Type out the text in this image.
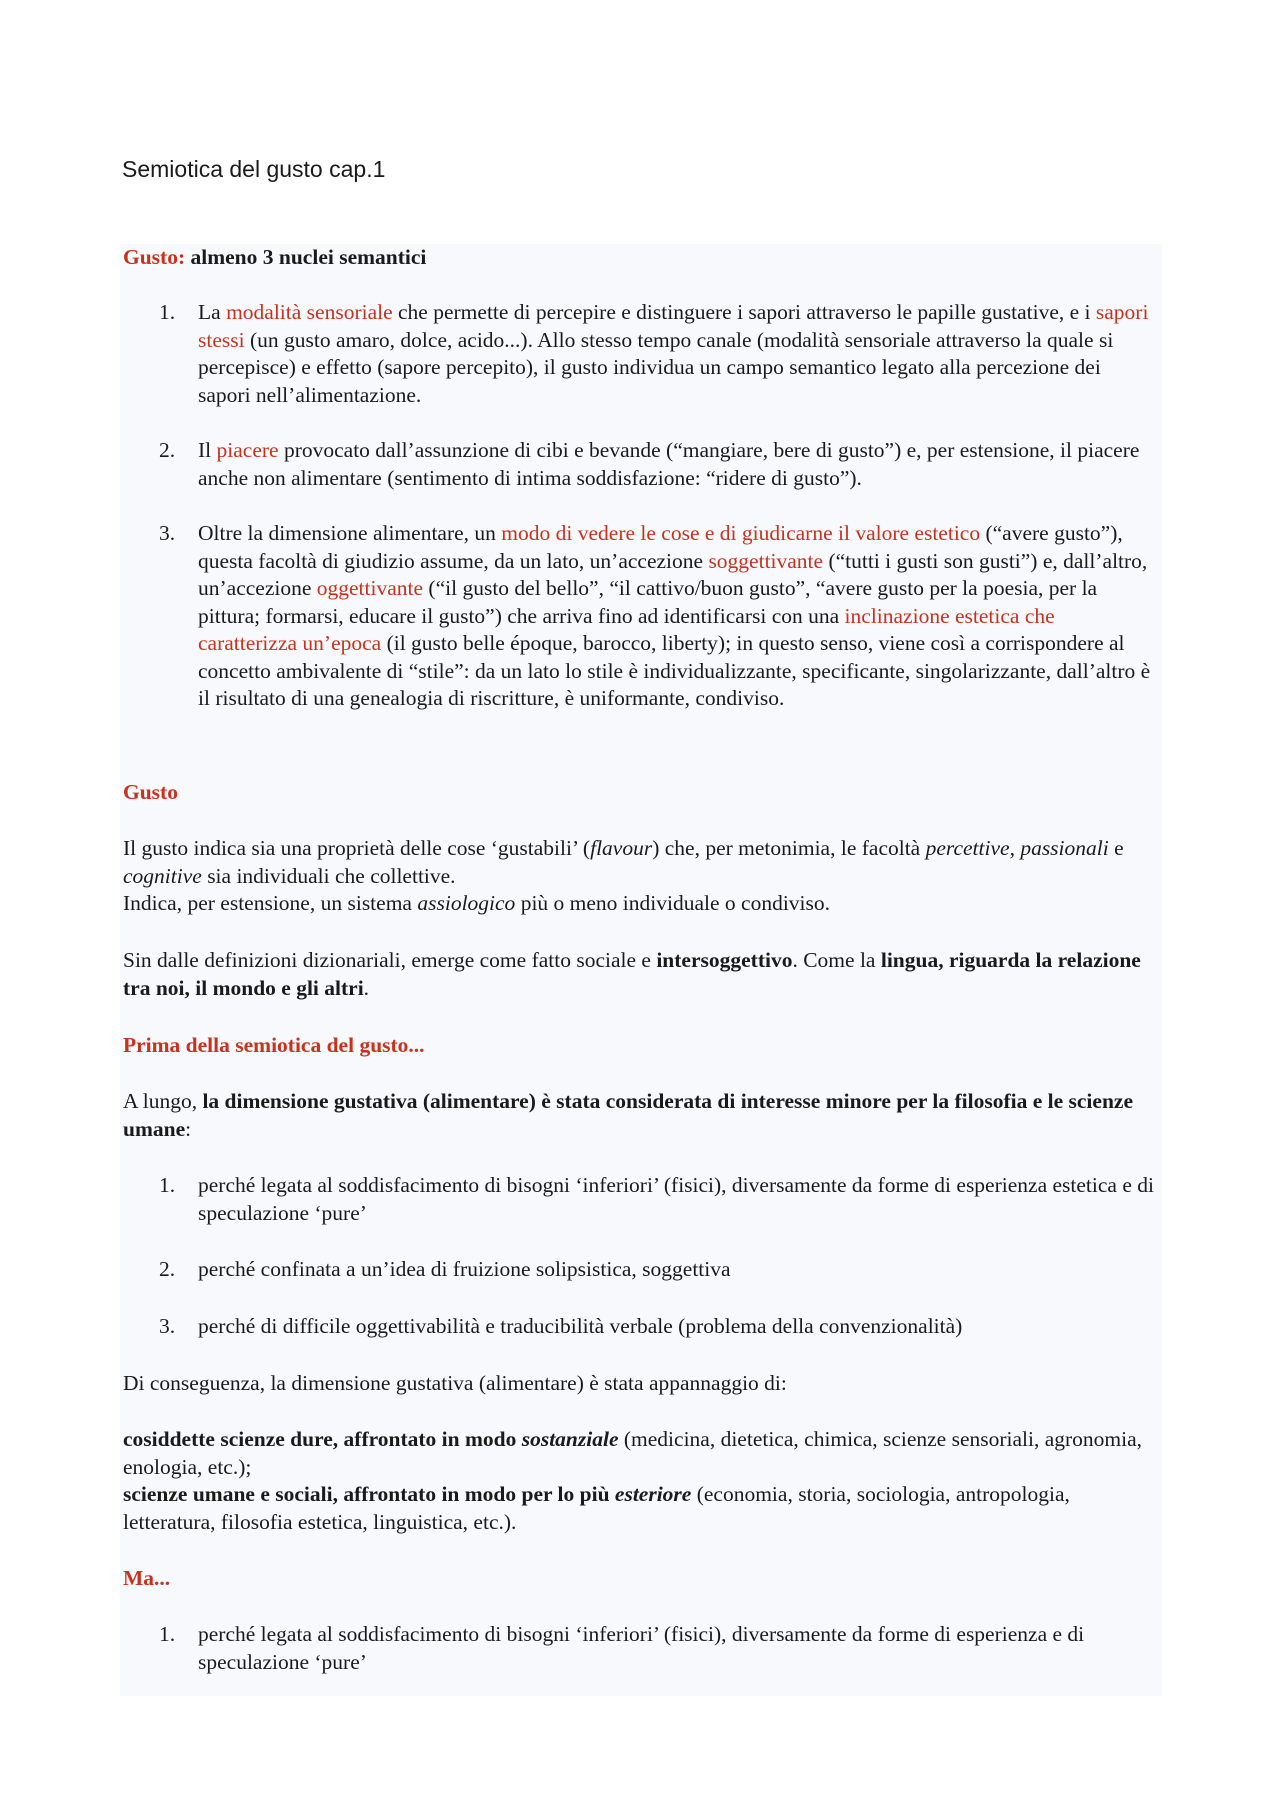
Semiotica del gusto cap.1

Gusto: almeno 3 nuclei semantici

1. La modalità sensoriale che permette di percepire e distinguere i sapori attraverso le papille gustative, e i sapori stessi (un gusto amaro, dolce, acido...). Allo stesso tempo canale (modalità sensoriale attraverso la quale si percepisce) e effetto (sapore percepito), il gusto individua un campo semantico legato alla percezione dei sapori nell’alimentazione.
2. Il piacere provocato dall’assunzione di cibi e bevande (“mangiare, bere di gusto”) e, per estensione, il piacere anche non alimentare (sentimento di intima soddisfazione: “ridere di gusto”).
3. Oltre la dimensione alimentare, un modo di vedere le cose e di giudicarne il valore estetico (“avere gusto”), questa facoltà di giudizio assume, da un lato, un’accezione soggettivante (“tutti i gusti son gusti”) e, dall’altro, un’accezione oggettivante (“il gusto del bello”, “il cattivo/buon gusto”, “avere gusto per la poesia, per la pittura; formarsi, educare il gusto”) che arriva fino ad identificarsi con una inclinazione estetica che caratterizza un’epoca (il gusto belle époque, barocco, liberty); in questo senso, viene così a corrispondere al concetto ambivalente di “stile”: da un lato lo stile è individualizzante, specificante, singolarizzante, dall’altro è il risultato di una genealogia di riscritture, è uniformante, condiviso.

Gusto

Il gusto indica sia una proprietà delle cose ‘gustabili’ (flavour) che, per metonimia, le facoltà percettive, passionali e cognitive sia individuali che collettive.

Indica, per estensione, un sistema assiologico più o meno individuale o condiviso.

Sin dalle definizioni dizionariali, emerge come fatto sociale e intersoggettivo. Come la lingua, riguarda la relazione tra noi, il mondo e gli altri.

Prima della semiotica del gusto...

A lungo, la dimensione gustativa (alimentare) è stata considerata di interesse minore per la filosofia e le scienze umane:

1. perché legata al soddisfacimento di bisogni ‘inferiori’ (fisici), diversamente da forme di esperienza estetica e di speculazione ‘pure’
2. perché confinata a un’idea di fruizione solipsistica, soggettiva
3. perché di difficile oggettivabilità e traducibilità verbale (problema della convenzionalità)

Di conseguenza, la dimensione gustativa (alimentare) è stata appannaggio di:

cosiddette scienze dure, affrontato in modo sostanziale (medicina, dietetica, chimica, scienze sensoriali, agronomia, enologia, etc.);

scienze umane e sociali, affrontato in modo per lo più esteriore (economia, storia, sociologia, antropologia, letteratura, filosofia estetica, linguistica, etc.).

Ma...

1. perché legata al soddisfacimento di bisogni ‘inferiori’ (fisici), diversamente da forme di esperienza e di speculazione ‘pure’
